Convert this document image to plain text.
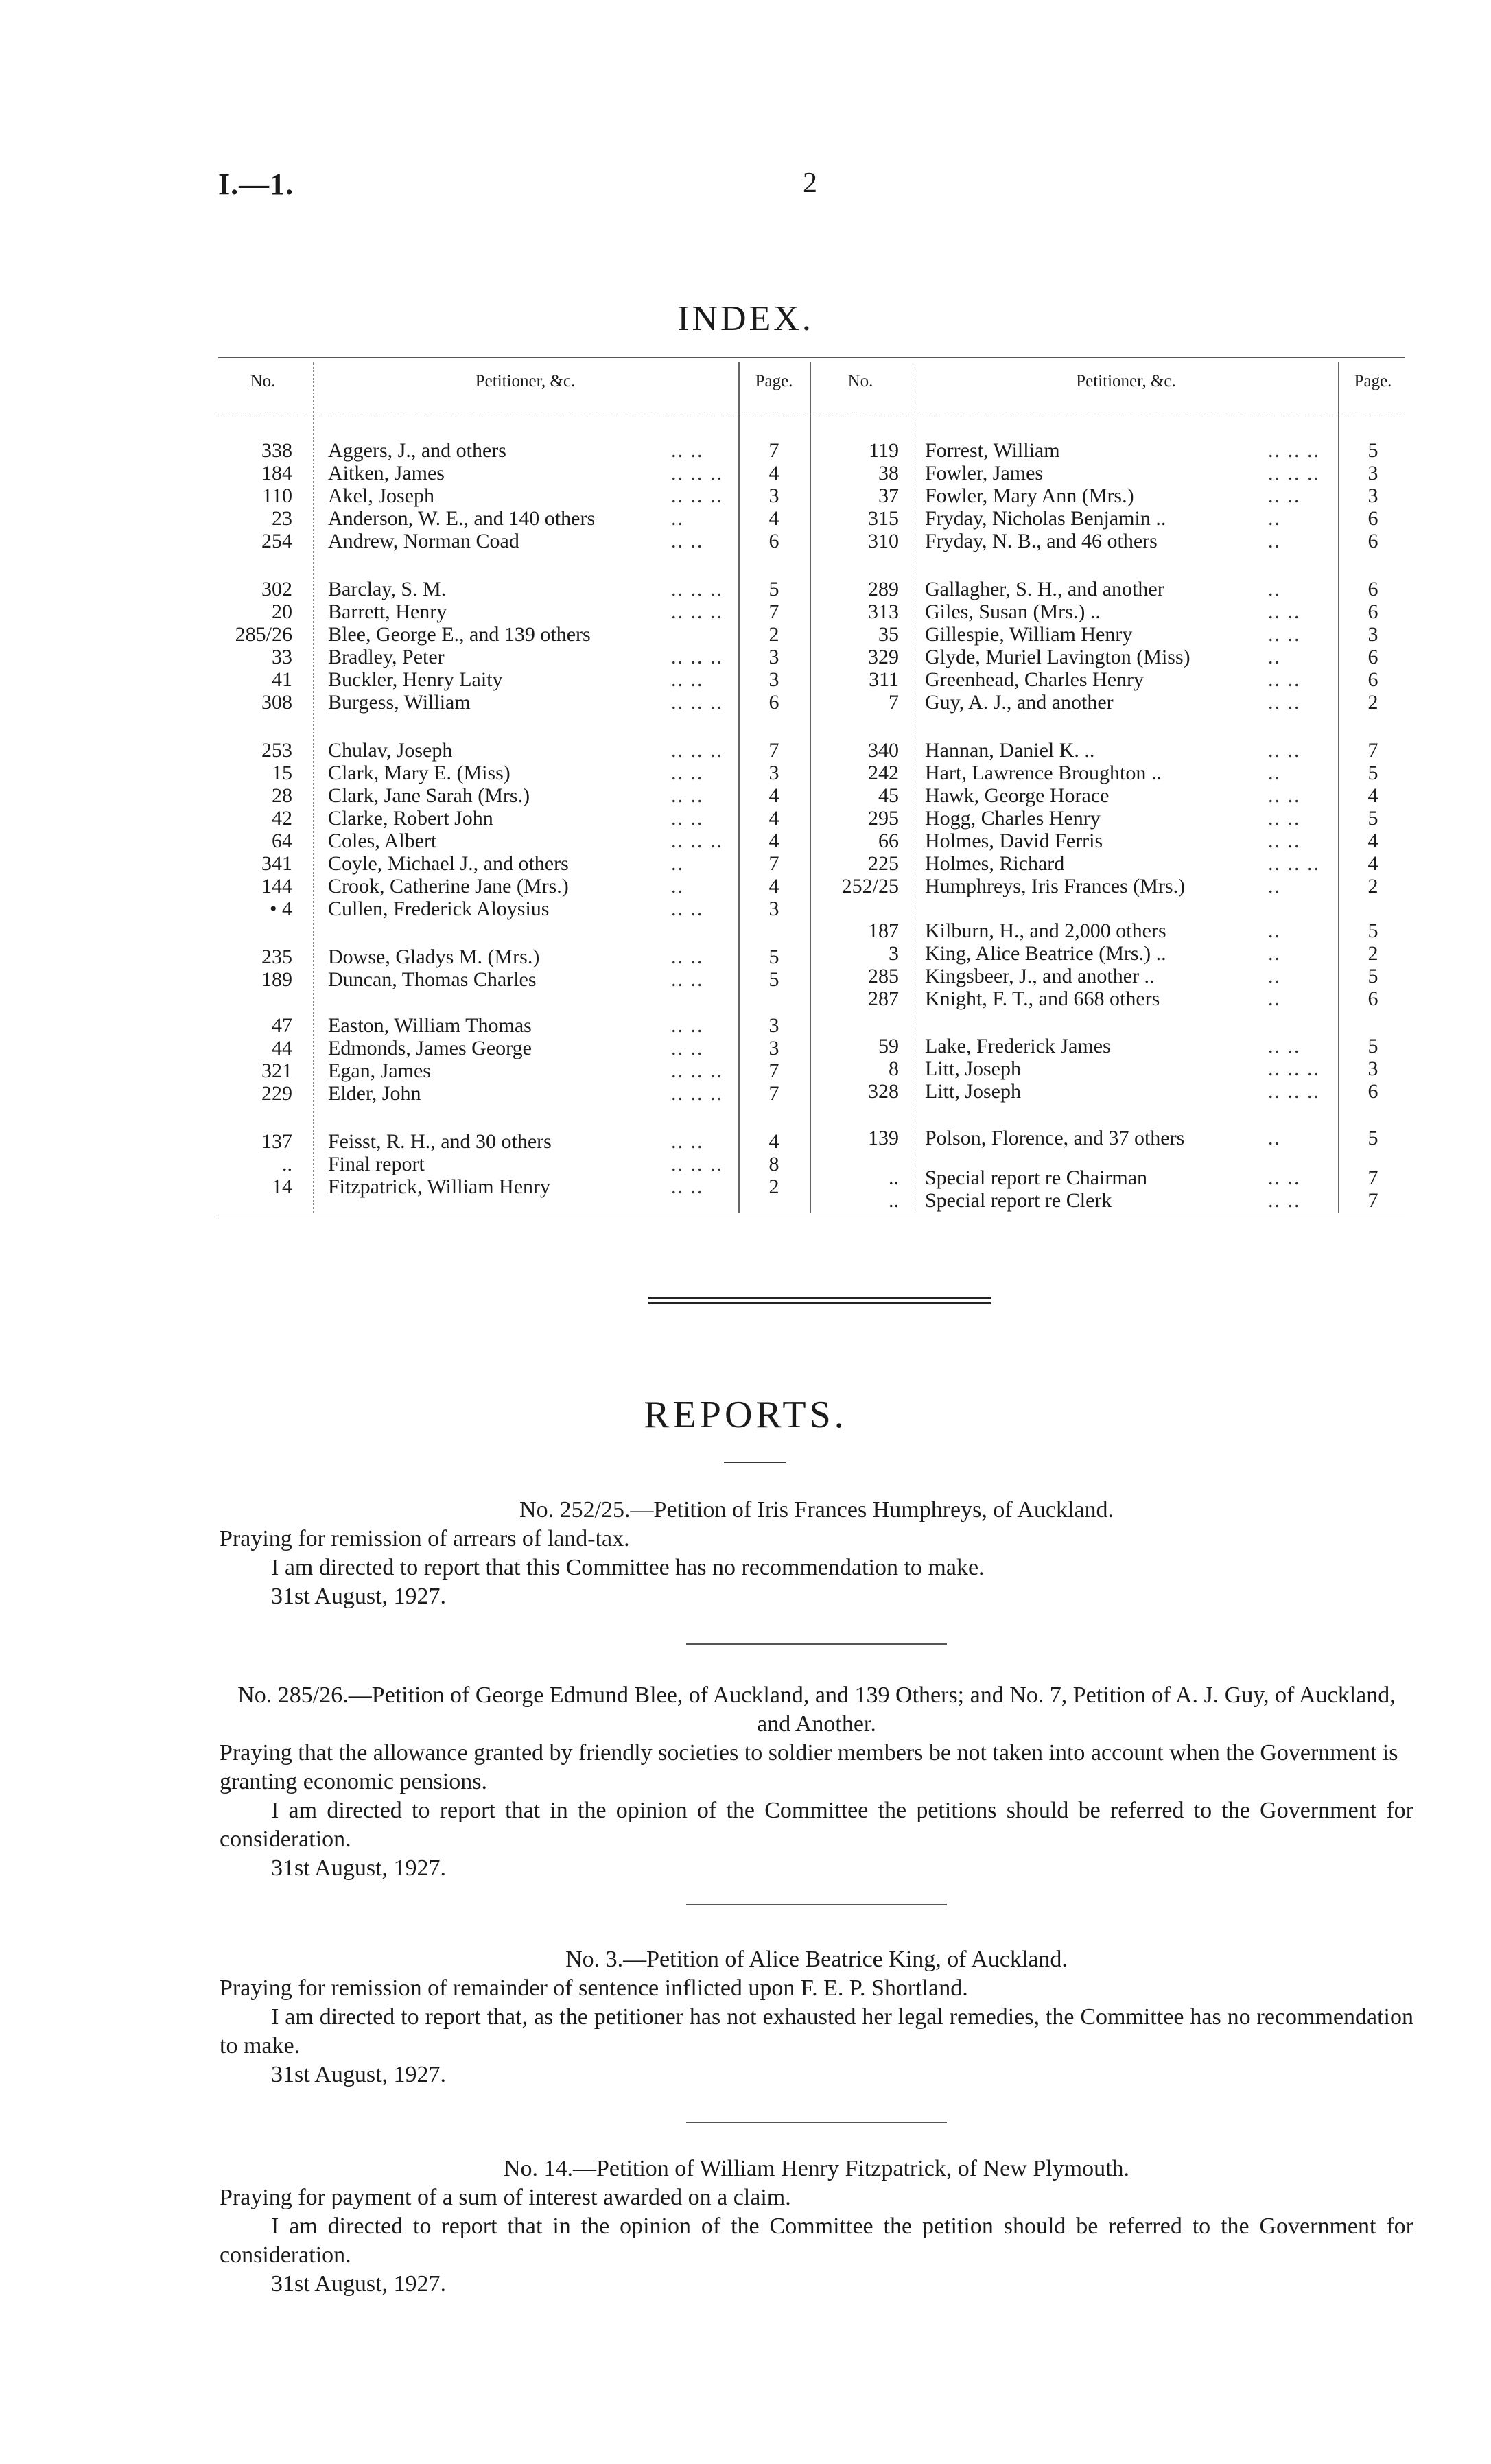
I.—1.	2
INDEX.
No.	Petitioner, &c.	Page.	No.	Petitioner, &c.	Page.
338 Aggers, J., and others	.. ..	7
184 Aitken, James	.. .. ..	4
110 Akel, Joseph	.. .. ..	3
23 Anderson, W. E., and 140 others	..	4
254 Andrew, Norman Coad	.. ..	6
302 Barclay, S. M.	.. .. ..	5
20 Barrett, Henry	.. .. ..	7
285/26 Blee, George E., and 139 others	2
33 Bradley, Peter	.. .. ..	3
41 Buckler, Henry Laity	.. ..	3
308 Burgess, William	.. .. ..	6
253 Chulav, Joseph	.. .. ..	7
15 Clark, Mary E. (Miss)	.. ..	3
28 Clark, Jane Sarah (Mrs.)	.. ..	4
42 Clarke, Robert John	.. ..	4
64 Coles, Albert	.. .. ..	4
341 Coyle, Michael J., and others	..	7
144 Crook, Catherine Jane (Mrs.)	..	4
• 4 Cullen, Frederick Aloysius	.. ..	3
235 Dowse, Gladys M. (Mrs.)	.. ..	5
189 Duncan, Thomas Charles	.. ..	5
47 Easton, William Thomas	.. ..	3
44 Edmonds, James George	.. ..	3
321 Egan, James	.. .. ..	7
229 Elder, John	.. .. ..	7
137 Feisst, R. H., and 30 others	.. ..	4
.. Final report	.. .. ..	8
14 Fitzpatrick, William Henry	.. ..	2
119 Forrest, William	.. .. ..	5
38 Fowler, James	.. .. ..	3
37 Fowler, Mary Ann (Mrs.)	.. ..	3
315 Fryday, Nicholas Benjamin ..	..	6
310 Fryday, N. B., and 46 others	..	6
289 Gallagher, S. H., and another	..	6
313 Giles, Susan (Mrs.) ..	.. ..	6
35 Gillespie, William Henry	.. ..	3
329 Glyde, Muriel Lavington (Miss)	..	6
311 Greenhead, Charles Henry	.. ..	6
7 Guy, A. J., and another	.. ..	2
340 Hannan, Daniel K. ..	.. ..	7
242 Hart, Lawrence Broughton ..	..	5
45 Hawk, George Horace	.. ..	4
295 Hogg, Charles Henry	.. ..	5
66 Holmes, David Ferris	.. ..	4
225 Holmes, Richard	.. .. ..	4
252/25 Humphreys, Iris Frances (Mrs.)	..	2
187 Kilburn, H., and 2,000 others	..	5
3 King, Alice Beatrice (Mrs.) ..	..	2
285 Kingsbeer, J., and another ..	..	5
287 Knight, F. T., and 668 others	..	6
59 Lake, Frederick James	.. ..	5
8 Litt, Joseph	.. .. ..	3
328 Litt, Joseph	.. .. ..	6
139 Polson, Florence, and 37 others	..	5
.. Special report re Chairman	.. ..	7
.. Special report re Clerk	.. ..	7
REPORTS.
No. 252/25.—Petition of Iris Frances Humphreys, of Auckland.
Praying for remission of arrears of land-tax.

I am directed to report that this Committee has no recommendation to make.

31st August, 1927.
No. 285/26.—Petition of George Edmund Blee, of Auckland, and 139 Others; and No. 7, Petition of A. J. Guy, of Auckland, and Another.
Praying that the allowance granted by friendly societies to soldier members be not taken into account when the Government is granting economic pensions.

I am directed to report that in the opinion of the Committee the petitions should be referred to the Government for consideration.

31st August, 1927.
No. 3.—Petition of Alice Beatrice King, of Auckland.
Praying for remission of remainder of sentence inflicted upon F. E. P. Shortland.

I am directed to report that, as the petitioner has not exhausted her legal remedies, the Committee has no recommendation to make.

31st August, 1927.
No. 14.—Petition of William Henry Fitzpatrick, of New Plymouth.
Praying for payment of a sum of interest awarded on a claim.

I am directed to report that in the opinion of the Committee the petition should be referred to the Government for consideration.

31st August, 1927.
